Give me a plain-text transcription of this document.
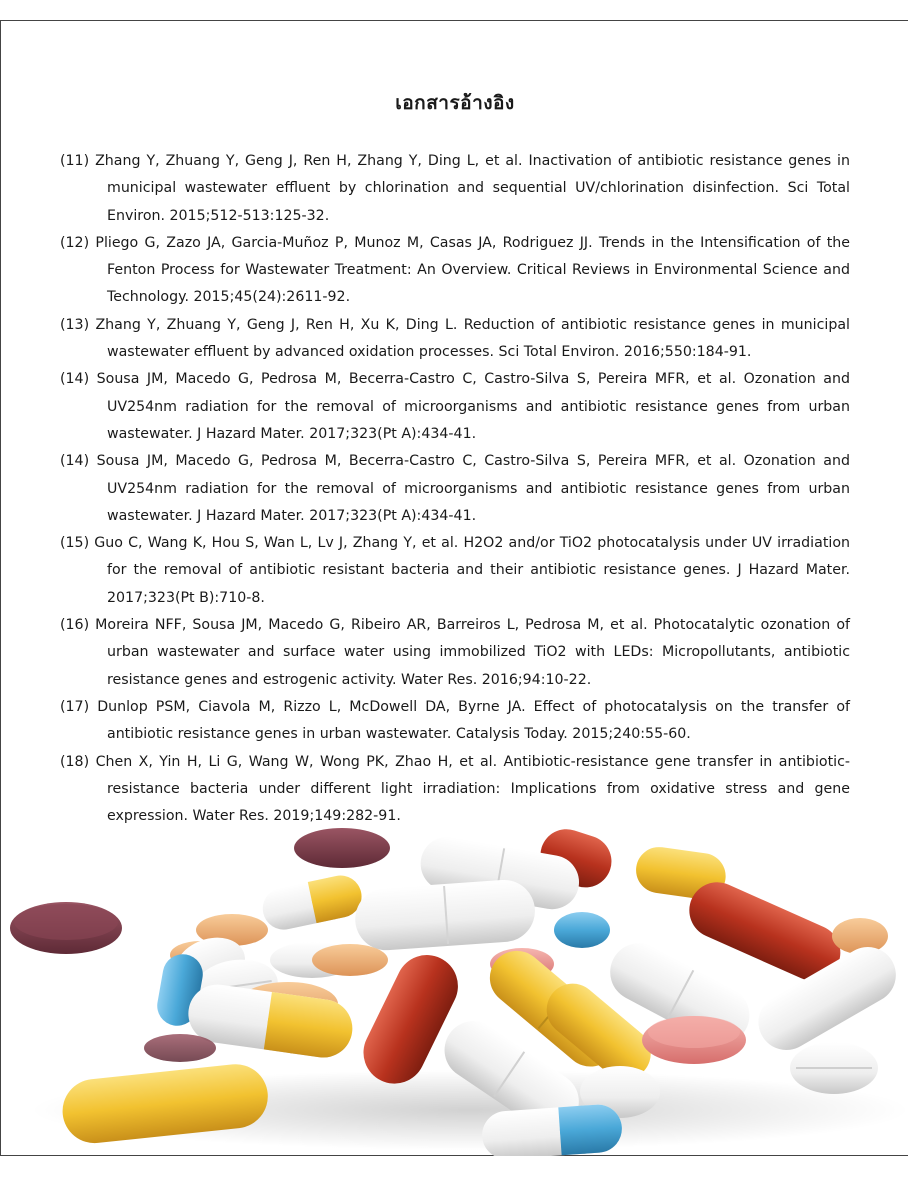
เอกสารอ้างอิง

(11) Zhang Y, Zhuang Y, Geng J, Ren H, Zhang Y, Ding L, et al. Inactivation of antibiotic resistance genes in municipal wastewater effluent by chlorination and sequential UV/chlorination disinfection. Sci Total Environ. 2015;512-513:125-32.

(12) Pliego G, Zazo JA, Garcia-Muñoz P, Munoz M, Casas JA, Rodriguez JJ. Trends in the Intensification of the Fenton Process for Wastewater Treatment: An Overview. Critical Reviews in Environmental Science and Technology. 2015;45(24):2611-92.

(13) Zhang Y, Zhuang Y, Geng J, Ren H, Xu K, Ding L. Reduction of antibiotic resistance genes in municipal wastewater effluent by advanced oxidation processes. Sci Total Environ. 2016;550:184-91.

(14) Sousa JM, Macedo G, Pedrosa M, Becerra-Castro C, Castro-Silva S, Pereira MFR, et al. Ozonation and UV254nm radiation for the removal of microorganisms and antibiotic resistance genes from urban wastewater. J Hazard Mater. 2017;323(Pt A):434-41.

(14) Sousa JM, Macedo G, Pedrosa M, Becerra-Castro C, Castro-Silva S, Pereira MFR, et al. Ozonation and UV254nm radiation for the removal of microorganisms and antibiotic resistance genes from urban wastewater. J Hazard Mater. 2017;323(Pt A):434-41.

(15) Guo C, Wang K, Hou S, Wan L, Lv J, Zhang Y, et al. H2O2 and/or TiO2 photocatalysis under UV irradiation for the removal of antibiotic resistant bacteria and their antibiotic resistance genes. J Hazard Mater. 2017;323(Pt B):710-8.

(16) Moreira NFF, Sousa JM, Macedo G, Ribeiro AR, Barreiros L, Pedrosa M, et al. Photocatalytic ozonation of urban wastewater and surface water using immobilized TiO2 with LEDs: Micropollutants, antibiotic resistance genes and estrogenic activity. Water Res. 2016;94:10-22.

(17) Dunlop PSM, Ciavola M, Rizzo L, McDowell DA, Byrne JA. Effect of photocatalysis on the transfer of antibiotic resistance genes in urban wastewater. Catalysis Today. 2015;240:55-60.

(18) Chen X, Yin H, Li G, Wang W, Wong PK, Zhao H, et al. Antibiotic-resistance gene transfer in antibiotic-resistance bacteria under different light irradiation: Implications from oxidative stress and gene expression. Water Res. 2019;149:282-91.
